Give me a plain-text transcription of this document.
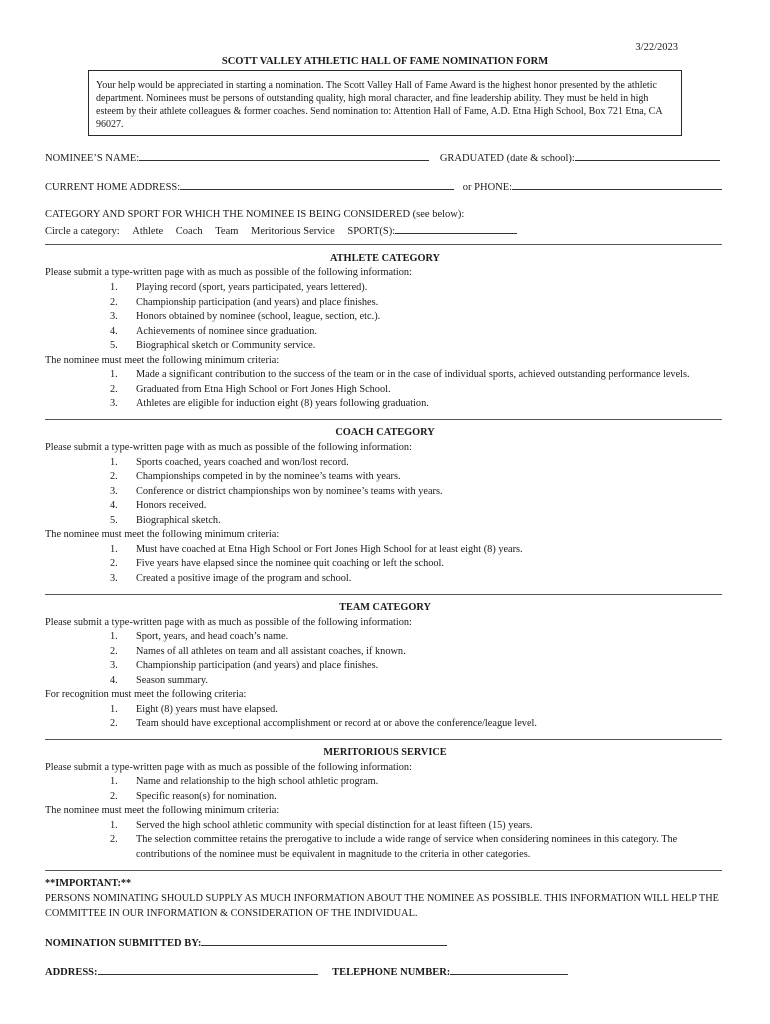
3/22/2023
SCOTT VALLEY ATHLETIC HALL OF FAME NOMINATION FORM
Your help would be appreciated in starting a nomination. The Scott Valley Hall of Fame Award is the highest honor presented by the athletic department. Nominees must be persons of outstanding quality, high moral character, and fine leadership ability. They must be held in high esteem by their athlete colleagues & former coaches. Send nomination to: Attention Hall of Fame, A.D. Etna High School, Box 721 Etna, CA 96027.
NOMINEE’S NAME:	GRADUATED (date & school):
CURRENT HOME ADDRESS:	or PHONE:
CATEGORY AND SPORT FOR WHICH THE NOMINEE IS BEING CONSIDERED (see below):
Circle a category: Athlete Coach Team Meritorious Service SPORT(S):
ATHLETE CATEGORY
Please submit a type-written page with as much as possible of the following information:
1. Playing record (sport, years participated, years lettered).
2. Championship participation (and years) and place finishes.
3. Honors obtained by nominee (school, league, section, etc.).
4. Achievements of nominee since graduation.
5. Biographical sketch or Community service.
The nominee must meet the following minimum criteria:
1. Made a significant contribution to the success of the team or in the case of individual sports, achieved outstanding performance levels.
2. Graduated from Etna High School or Fort Jones High School.
3. Athletes are eligible for induction eight (8) years following graduation.
COACH CATEGORY
Please submit a type-written page with as much as possible of the following information:
1. Sports coached, years coached and won/lost record.
2. Championships competed in by the nominee’s teams with years.
3. Conference or district championships won by nominee’s teams with years.
4. Honors received.
5. Biographical sketch.
The nominee must meet the following minimum criteria:
1. Must have coached at Etna High School or Fort Jones High School for at least eight (8) years.
2. Five years have elapsed since the nominee quit coaching or left the school.
3. Created a positive image of the program and school.
TEAM CATEGORY
Please submit a type-written page with as much as possible of the following information:
1. Sport, years, and head coach’s name.
2. Names of all athletes on team and all assistant coaches, if known.
3. Championship participation (and years) and place finishes.
4. Season summary.
For recognition must meet the following criteria:
1. Eight (8) years must have elapsed.
2. Team should have exceptional accomplishment or record at or above the conference/league level.
MERITORIOUS SERVICE
Please submit a type-written page with as much as possible of the following information:
1. Name and relationship to the high school athletic program.
2. Specific reason(s) for nomination.
The nominee must meet the following minimum criteria:
1. Served the high school athletic community with special distinction for at least fifteen (15) years.
2. The selection committee retains the prerogative to include a wide range of service when considering nominees in this category. The contributions of the nominee must be equivalent in magnitude to the criteria in other categories.
**IMPORTANT:**
PERSONS NOMINATING SHOULD SUPPLY AS MUCH INFORMATION ABOUT THE NOMINEE AS POSSIBLE. THIS INFORMATION WILL HELP THE COMMITTEE IN OUR INFORMATION & CONSIDERATION OF THE INDIVIDUAL.
NOMINATION SUBMITTED BY:
ADDRESS:	TELEPHONE NUMBER:
